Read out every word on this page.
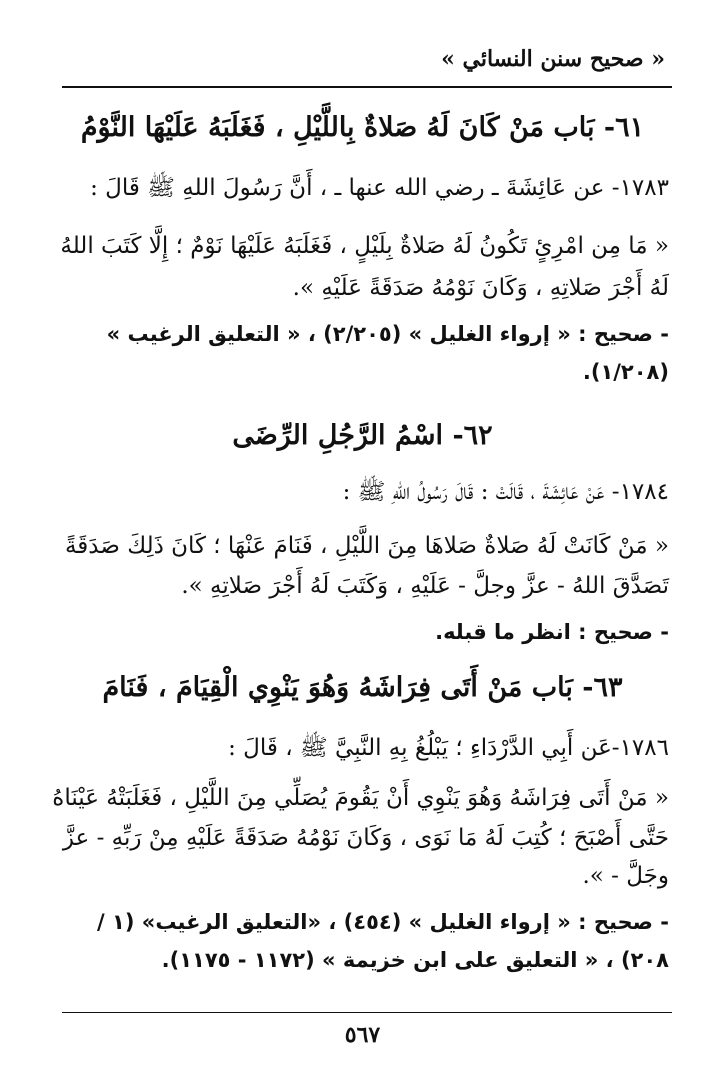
« صحيح سنن النسائي »
٦١- بَاب مَنْ كَانَ لَهُ صَلاةٌ بِاللَّيْلِ ، فَغَلَبَهُ عَلَيْهَا النَّوْمُ
١٧٨٣- عن عَائِشَةَ ـ رضي الله عنها ـ ، أَنَّ رَسُولَ اللهِ ﷺ قَالَ :
« مَا مِن امْرِئٍ تَكُونُ لَهُ صَلاةٌ بِلَيْلٍ ، فَغَلَبَهُ عَلَيْهَا نَوْمٌ ؛ إِلَّا كَتَبَ اللهُ
لَهُ أَجْرَ صَلاتِهِ ، وَكَانَ نَوْمُهُ صَدَقَةً عَلَيْهِ ».
- صحيح : « إرواء الغليل » (٢/٢٠٥) ، « التعليق الرغيب »
(١/٢٠٨).
٦٢- اسْمُ الرَّجُلِ الرِّضَى
١٧٨٤- عَنْ عَائِشَةَ ، قَالَتْ : قَالَ رَسُولُ اللهِ ﷺ :
« مَنْ كَانَتْ لَهُ صَلاةٌ صَلاهَا مِنَ اللَّيْلِ ، فَنَامَ عَنْهَا ؛ كَانَ ذَلِكَ صَدَقَةً
تَصَدَّقَ اللهُ - عزَّ وجلَّ - عَلَيْهِ ، وَكَتَبَ لَهُ أَجْرَ صَلاتِهِ ».
- صحيح : انظر ما قبله.
٦٣- بَاب مَنْ أَتَى فِرَاشَهُ وَهُوَ يَنْوِي الْقِيَامَ ، فَنَامَ
١٧٨٦-عَن أَبِي الدَّرْدَاءِ ؛ يَبْلُغُ بِهِ النَّبِيَّ ﷺ ، قَالَ :
« مَنْ أَتَى فِرَاشَهُ وَهُوَ يَنْوِي أَنْ يَقُومَ يُصَلِّي مِنَ اللَّيْلِ ، فَغَلَبَتْهُ عَيْنَاهُ
حَتَّى أَصْبَحَ ؛ كُتِبَ لَهُ مَا نَوَى ، وَكَانَ نَوْمُهُ صَدَقَةً عَلَيْهِ مِنْ رَبِّهِ - عزَّ
وجَلَّ - ».
- صحيح : « إرواء الغليل » (٤٥٤) ، «التعليق الرغيب» (١ /
٢٠٨) ، « التعليق على ابن خزيمة » (١١٧٢ - ١١٧٥).
٥٦٧
